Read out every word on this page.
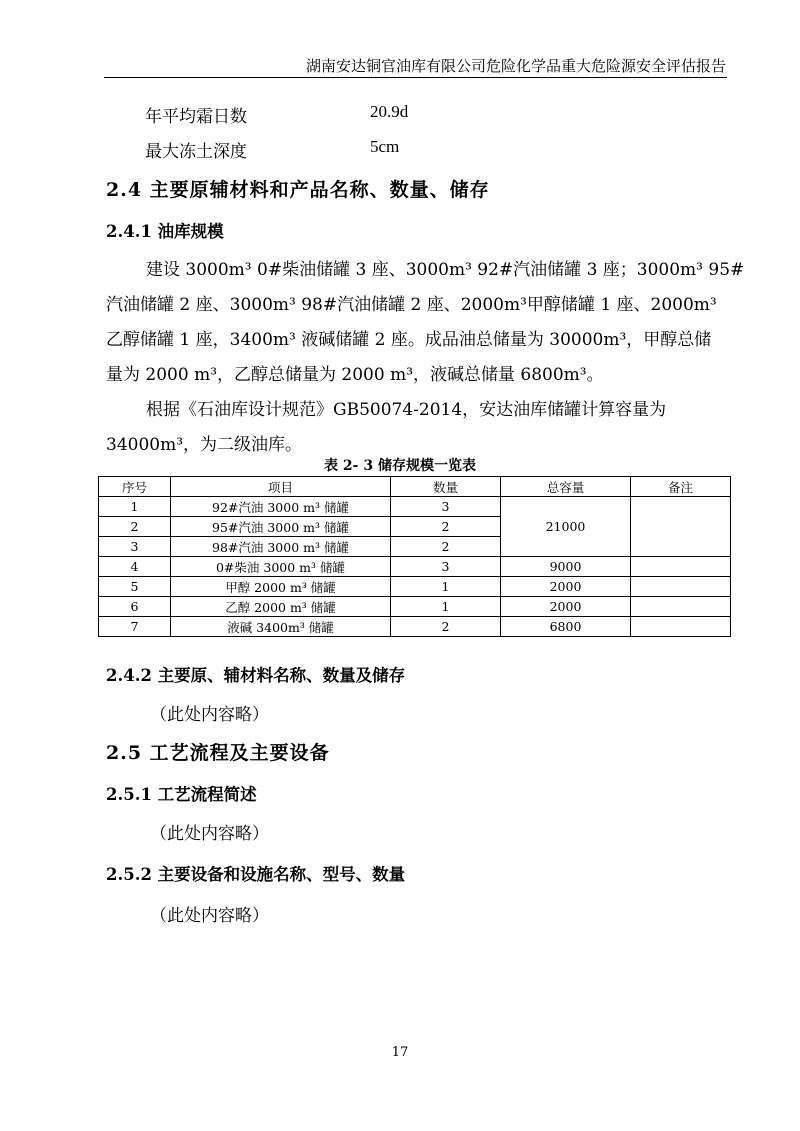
湖南安达铜官油库有限公司危险化学品重大危险源安全评估报告
年平均霜日数	20.9d
最大冻土深度	5cm
2.4 主要原辅材料和产品名称、数量、储存
2.4.1 油库规模
建设 3000m³ 0#柴油储罐 3 座、3000m³ 92#汽油储罐 3 座；3000m³ 95#
汽油储罐 2 座、3000m³ 98#汽油储罐 2 座、2000m³甲醇储罐 1 座、2000m³
乙醇储罐 1 座，3400m³ 液碱储罐 2 座。成品油总储量为 30000m³，甲醇总储
量为 2000 m³，乙醇总储量为 2000 m³，液碱总储量 6800m³。
根据《石油库设计规范》GB50074-2014，安达油库储罐计算容量为
34000m³，为二级油库。
表 2- 3 储存规模一览表
序号	项目	数量	总容量	备注
1	92#汽油 3000 m³ 储罐	3	21000	
2	95#汽油 3000 m³ 储罐	2		
3	98#汽油 3000 m³ 储罐	2		
4	0#柴油 3000 m³ 储罐	3	9000	
5	甲醇 2000 m³ 储罐	1	2000	
6	乙醇 2000 m³ 储罐	1	2000	
7	液碱 3400m³ 储罐	2	6800	
2.4.2 主要原、辅材料名称、数量及储存
（此处内容略）
2.5 工艺流程及主要设备
2.5.1 工艺流程简述
（此处内容略）
2.5.2 主要设备和设施名称、型号、数量
（此处内容略）
17
